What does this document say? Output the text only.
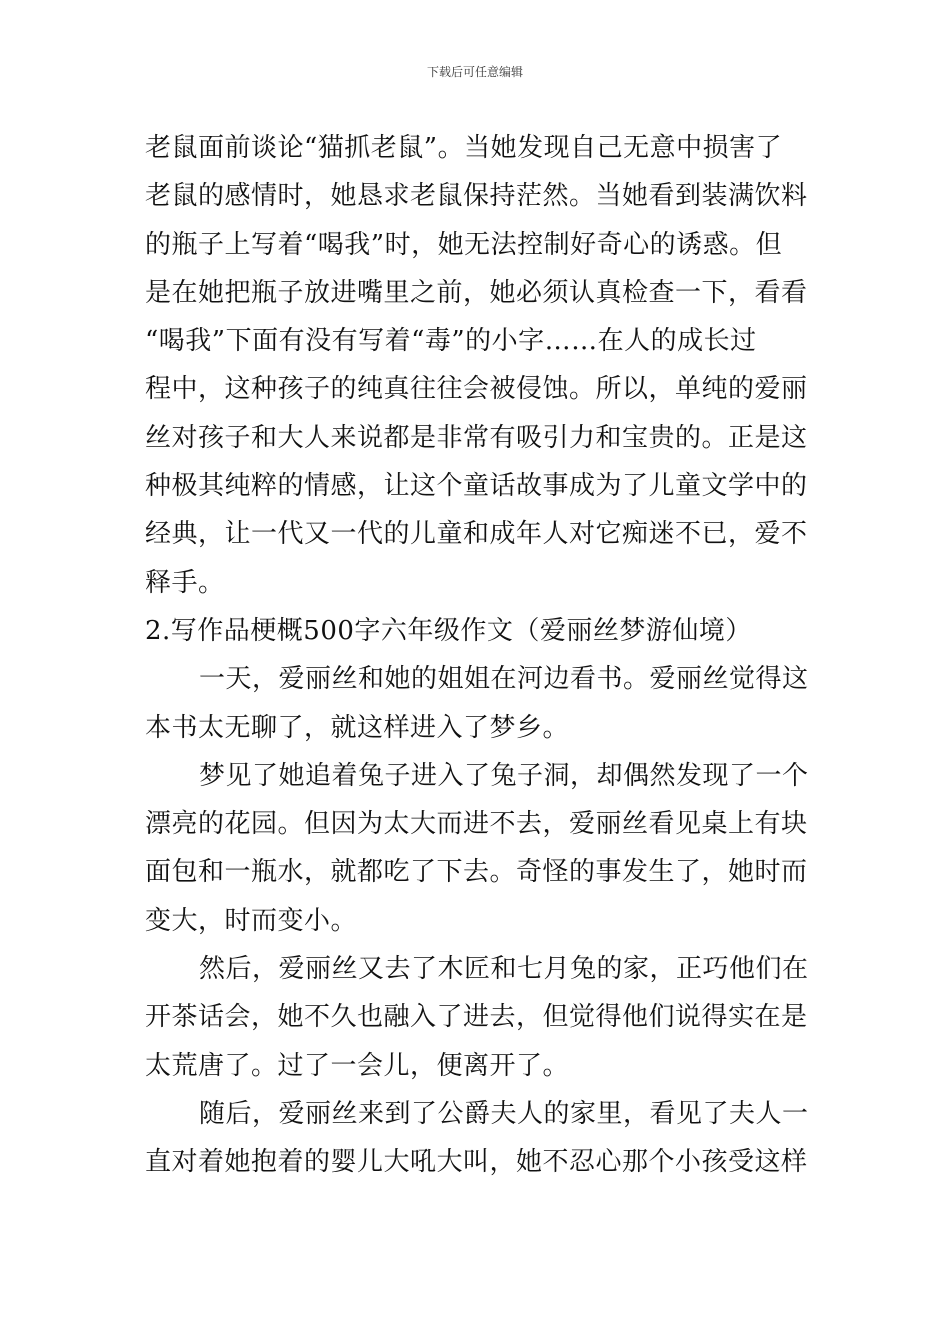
下载后可任意编辑
老鼠面前谈论“猫抓老鼠”。当她发现自己无意中损害了
老鼠的感情时，她恳求老鼠保持茫然。当她看到装满饮料
的瓶子上写着“喝我”时，她无法控制好奇心的诱惑。但
是在她把瓶子放进嘴里之前，她必须认真检查一下，看看
“喝我”下面有没有写着“毒”的小字……在人的成长过
程中，这种孩子的纯真往往会被侵蚀。所以，单纯的爱丽
丝对孩子和大人来说都是非常有吸引力和宝贵的。正是这
种极其纯粹的情感，让这个童话故事成为了儿童文学中的
经典，让一代又一代的儿童和成年人对它痴迷不已，爱不
释手。
2.写作品梗概500字六年级作文（爱丽丝梦游仙境）
一天，爱丽丝和她的姐姐在河边看书。爱丽丝觉得这
本书太无聊了，就这样进入了梦乡。
梦见了她追着兔子进入了兔子洞，却偶然发现了一个
漂亮的花园。但因为太大而进不去，爱丽丝看见桌上有块
面包和一瓶水，就都吃了下去。奇怪的事发生了，她时而
变大，时而变小。
然后，爱丽丝又去了木匠和七月兔的家，正巧他们在
开茶话会，她不久也融入了进去，但觉得他们说得实在是
太荒唐了。过了一会儿，便离开了。
随后，爱丽丝来到了公爵夫人的家里，看见了夫人一
直对着她抱着的婴儿大吼大叫，她不忍心那个小孩受这样
